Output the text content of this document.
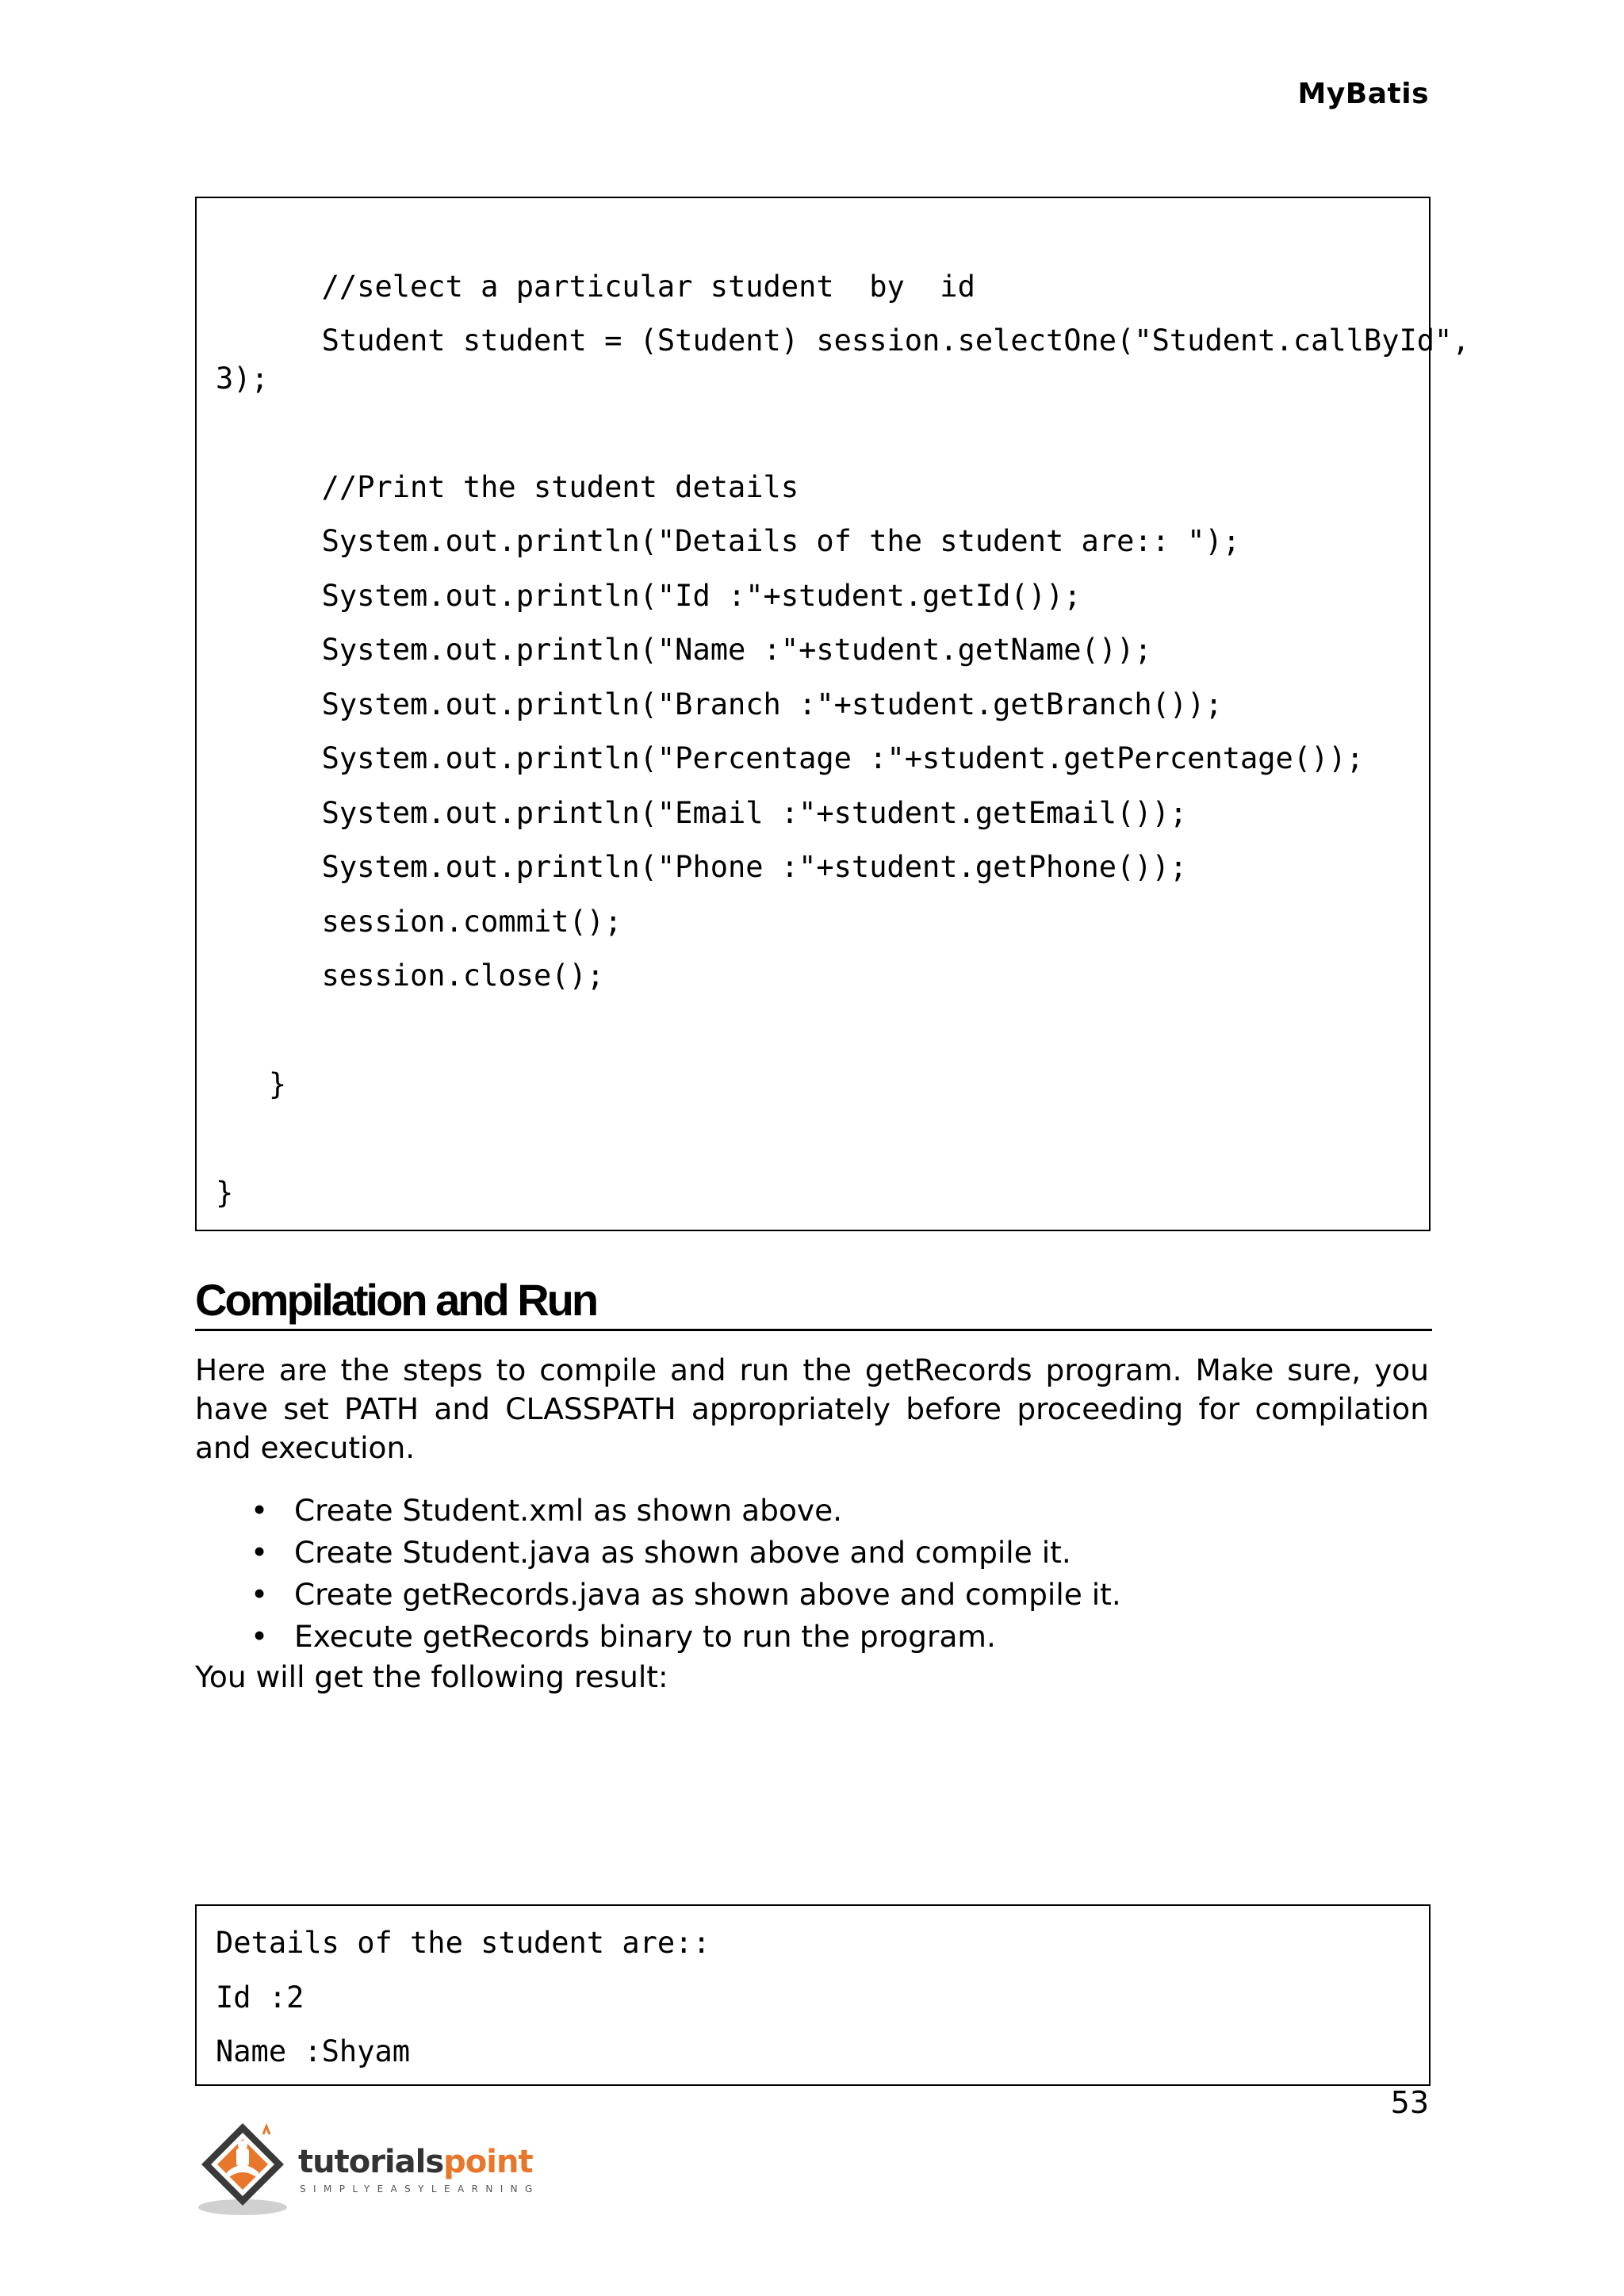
MyBatis
//select a particular student  by  id
Student student = (Student) session.selectOne("Student.callById",
3);
//Print the student details
System.out.println("Details of the student are:: ");
System.out.println("Id :"+student.getId());
System.out.println("Name :"+student.getName());
System.out.println("Branch :"+student.getBranch());
System.out.println("Percentage :"+student.getPercentage());
System.out.println("Email :"+student.getEmail());
System.out.println("Phone :"+student.getPhone());
session.commit();
session.close();
}
}
Compilation and Run

Here are the steps to compile and run the getRecords program. Make sure, you have set PATH and CLASSPATH appropriately before proceeding for compilation and execution.

• Create Student.xml as shown above.
• Create Student.java as shown above and compile it.
• Create getRecords.java as shown above and compile it.
• Execute getRecords binary to run the program.
You will get the following result:
Details of the student are::
Id :2
Name :Shyam
53
tutorialspoint
SIMPLYEASYLEARNING
